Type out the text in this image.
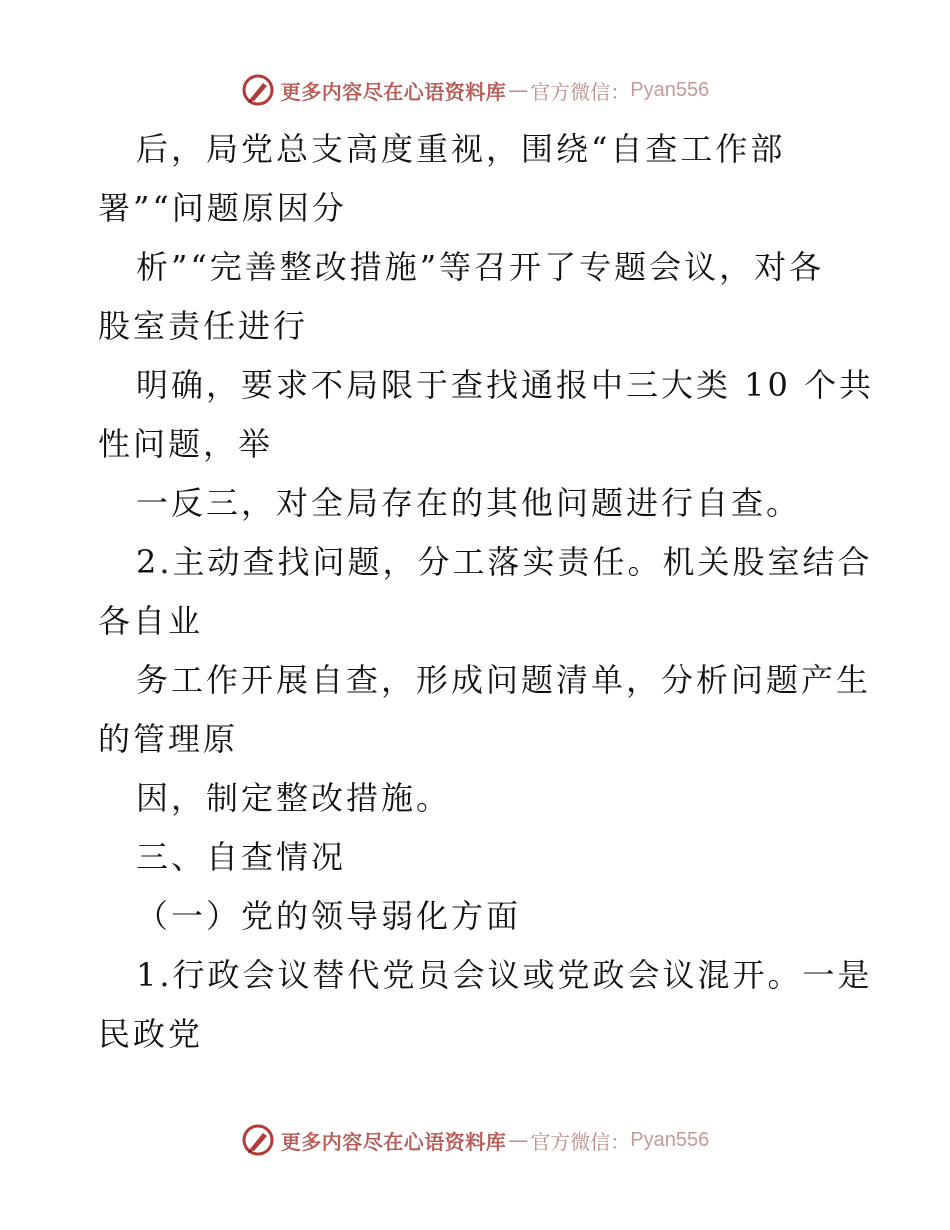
更多内容尽在心语资料库 — 官方微信： Pyan556
后，局党总支高度重视，围绕“自查工作部
署”“问题原因分
析”“完善整改措施”等召开了专题会议，对各
股室责任进行
明确，要求不局限于查找通报中三大类 10 个共
性问题，举
一反三，对全局存在的其他问题进行自查。
2.主动查找问题，分工落实责任。机关股室结合
各自业
务工作开展自查，形成问题清单，分析问题产生
的管理原
因，制定整改措施。
三、自查情况
（一）党的领导弱化方面
1.行政会议替代党员会议或党政会议混开。一是
民政党
更多内容尽在心语资料库 — 官方微信： Pyan556
